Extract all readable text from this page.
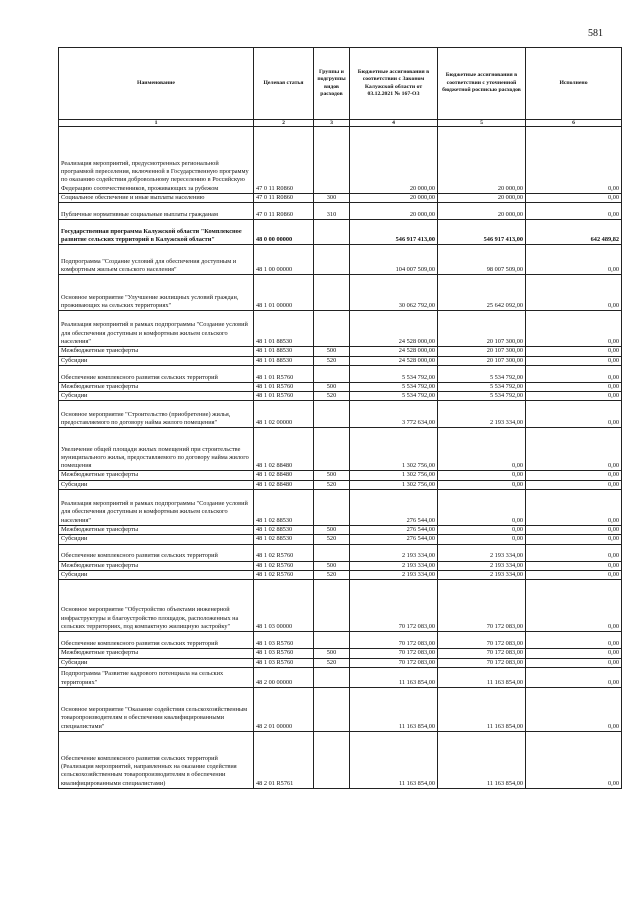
581
Наименование	Целевая статья	Группы и подгруппы видов расходов	Бюджетные ассигнования в соответствии с Законом Калужской области от 03.12.2021 № 167-ОЗ	Бюджетные ассигнования в соответствии с уточненной бюджетной росписью расходов	Исполнено
1	2	3	4	5	6
Реализация мероприятий, предусмотренных региональной программой переселения, включенной в Государственную программу по оказанию содействия добровольному переселению в Российскую Федерацию соотечественников, проживающих за рубежом	47 0 11 R0860		20 000,00	20 000,00	0,00
Социальное обеспечение и иные выплаты населению	47 0 11 R0860	300	20 000,00	20 000,00	0,00
Публичные нормативные социальные выплаты гражданам	47 0 11 R0860	310	20 000,00	20 000,00	0,00
Государственная программа Калужской области "Комплексное развитие сельских территорий в Калужской области"	48 0 00 00000		546 917 413,00	546 917 413,00	642 489,82
Подпрограмма "Создание условий для обеспечения доступным и комфортным жильем сельского населения"	48 1 00 00000		104 007 509,00	98 007 509,00	0,00
Основное мероприятие "Улучшение жилищных условий граждан, проживающих на сельских территориях"	48 1 01 00000		30 062 792,00	25 642 092,00	0,00
Реализация мероприятий в рамках подпрограммы "Создание условий для обеспечения доступным и комфортным жильем сельского населения"	48 1 01 88530		24 528 000,00	20 107 300,00	0,00
Межбюджетные трансферты	48 1 01 88530	500	24 528 000,00	20 107 300,00	0,00
Субсидии	48 1 01 88530	520	24 528 000,00	20 107 300,00	0,00
Обеспечение комплексного развития сельских территорий	48 1 01 R5760		5 534 792,00	5 534 792,00	0,00
Межбюджетные трансферты	48 1 01 R5760	500	5 534 792,00	5 534 792,00	0,00
Субсидии	48 1 01 R5760	520	5 534 792,00	5 534 792,00	0,00
Основное мероприятие "Строительство (приобретение) жилья, предоставляемого по договору найма жилого помещения"	48 1 02 00000		3 772 634,00	2 193 334,00	0,00
Увеличение общей площади жилых помещений при строительстве муниципального жилья, предоставляемого по договору найма жилого помещения	48 1 02 88480		1 302 756,00	0,00	0,00
Межбюджетные трансферты	48 1 02 88480	500	1 302 756,00	0,00	0,00
Субсидии	48 1 02 88480	520	1 302 756,00	0,00	0,00
Реализация мероприятий в рамках подпрограммы "Создание условий для обеспечения доступным и комфортным жильем сельского населения"	48 1 02 88530		276 544,00	0,00	0,00
Межбюджетные трансферты	48 1 02 88530	500	276 544,00	0,00	0,00
Субсидии	48 1 02 88530	520	276 544,00	0,00	0,00
Обеспечение комплексного развития сельских территорий	48 1 02 R5760		2 193 334,00	2 193 334,00	0,00
Межбюджетные трансферты	48 1 02 R5760	500	2 193 334,00	2 193 334,00	0,00
Субсидии	48 1 02 R5760	520	2 193 334,00	2 193 334,00	0,00
Основное мероприятие "Обустройство объектами инженерной инфраструктуры и благоустройство площадок, расположенных на сельских территориях, под компактную жилищную застройку"	48 1 03 00000		70 172 083,00	70 172 083,00	0,00
Обеспечение комплексного развития сельских территорий	48 1 03 R5760		70 172 083,00	70 172 083,00	0,00
Межбюджетные трансферты	48 1 03 R5760	500	70 172 083,00	70 172 083,00	0,00
Субсидии	48 1 03 R5760	520	70 172 083,00	70 172 083,00	0,00
Подпрограмма "Развитие кадрового потенциала на сельских территориях"	48 2 00 00000		11 163 854,00	11 163 854,00	0,00
Основное мероприятие "Оказание содействия сельскохозяйственным товаропроизводителям в обеспечении квалифицированными специалистами"	48 2 01 00000		11 163 854,00	11 163 854,00	0,00
Обеспечение комплексного развития сельских территорий (Реализация мероприятий, направленных на оказание содействия сельскохозяйственным товаропроизводителям в обеспечении квалифицированными специалистами)	48 2 01 R5761		11 163 854,00	11 163 854,00	0,00
